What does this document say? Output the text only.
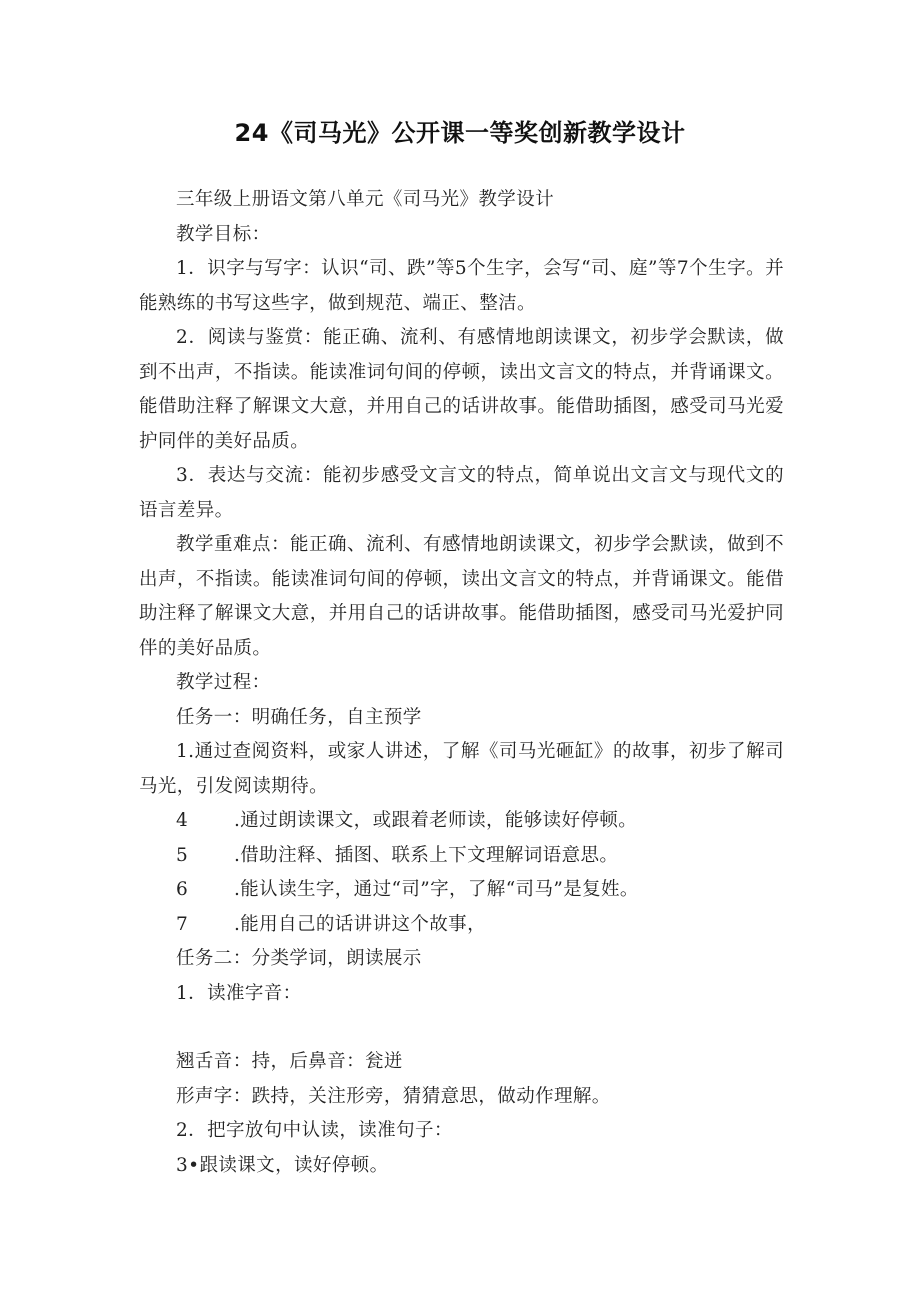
24《司马光》公开课一等奖创新教学设计

三年级上册语文第八单元《司马光》教学设计

教学目标：

1．识字与写字：认识“司、跌”等5个生字，会写“司、庭”等7个生字。并能熟练的书写这些字，做到规范、端正、整洁。

2．阅读与鉴赏：能正确、流利、有感情地朗读课文，初步学会默读，做到不出声，不指读。能读准词句间的停顿，读出文言文的特点，并背诵课文。能借助注释了解课文大意，并用自己的话讲故事。能借助插图，感受司马光爱护同伴的美好品质。

3．表达与交流：能初步感受文言文的特点，简单说出文言文与现代文的语言差异。

教学重难点：能正确、流利、有感情地朗读课文，初步学会默读，做到不出声，不指读。能读准词句间的停顿，读出文言文的特点，并背诵课文。能借助注释了解课文大意，并用自己的话讲故事。能借助插图，感受司马光爱护同伴的美好品质。

教学过程：

任务一：明确任务，自主预学

1.通过查阅资料，或家人讲述，了解《司马光砸缸》的故事，初步了解司马光，引发阅读期待。

4 .通过朗读课文，或跟着老师读，能够读好停顿。

5 .借助注释、插图、联系上下文理解词语意思。

6 .能认读生字，通过“司”字，了解“司马”是复姓。

7 .能用自己的话讲讲这个故事，

任务二：分类学词，朗读展示

1．读准字音：

翘舌音：持，后鼻音：瓮迸

形声字：跌持，关注形旁，猜猜意思，做动作理解。

2．把字放句中认读，读准句子：

3•跟读课文，读好停顿。
